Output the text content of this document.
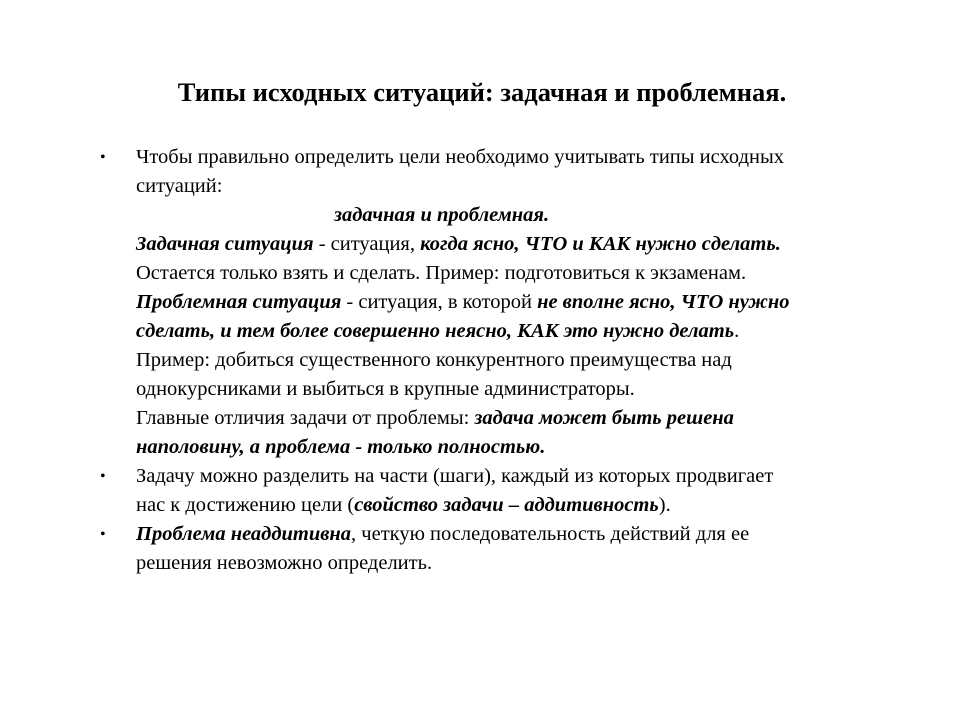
Типы исходных ситуаций: задачная и проблемная.
• Чтобы правильно определить цели необходимо учитывать типы исходных
ситуаций:
задачная и проблемная.
Задачная ситуация - ситуация, когда ясно, ЧТО и КАК нужно сделать.
Остается только взять и сделать. Пример: подготовиться к экзаменам.
Проблемная ситуация - ситуация, в которой не вполне ясно, ЧТО нужно
сделать, и тем более совершенно неясно, КАК это нужно делать.
Пример: добиться существенного конкурентного преимущества над
однокурсниками и выбиться в крупные администраторы.
Главные отличия задачи от проблемы: задача может быть решена
наполовину, а проблема - только полностью.
• Задачу можно разделить на части (шаги), каждый из которых продвигает
нас к достижению цели (свойство задачи – аддитивность).
• Проблема неаддитивна, четкую последовательность действий для ее
решения невозможно определить.
